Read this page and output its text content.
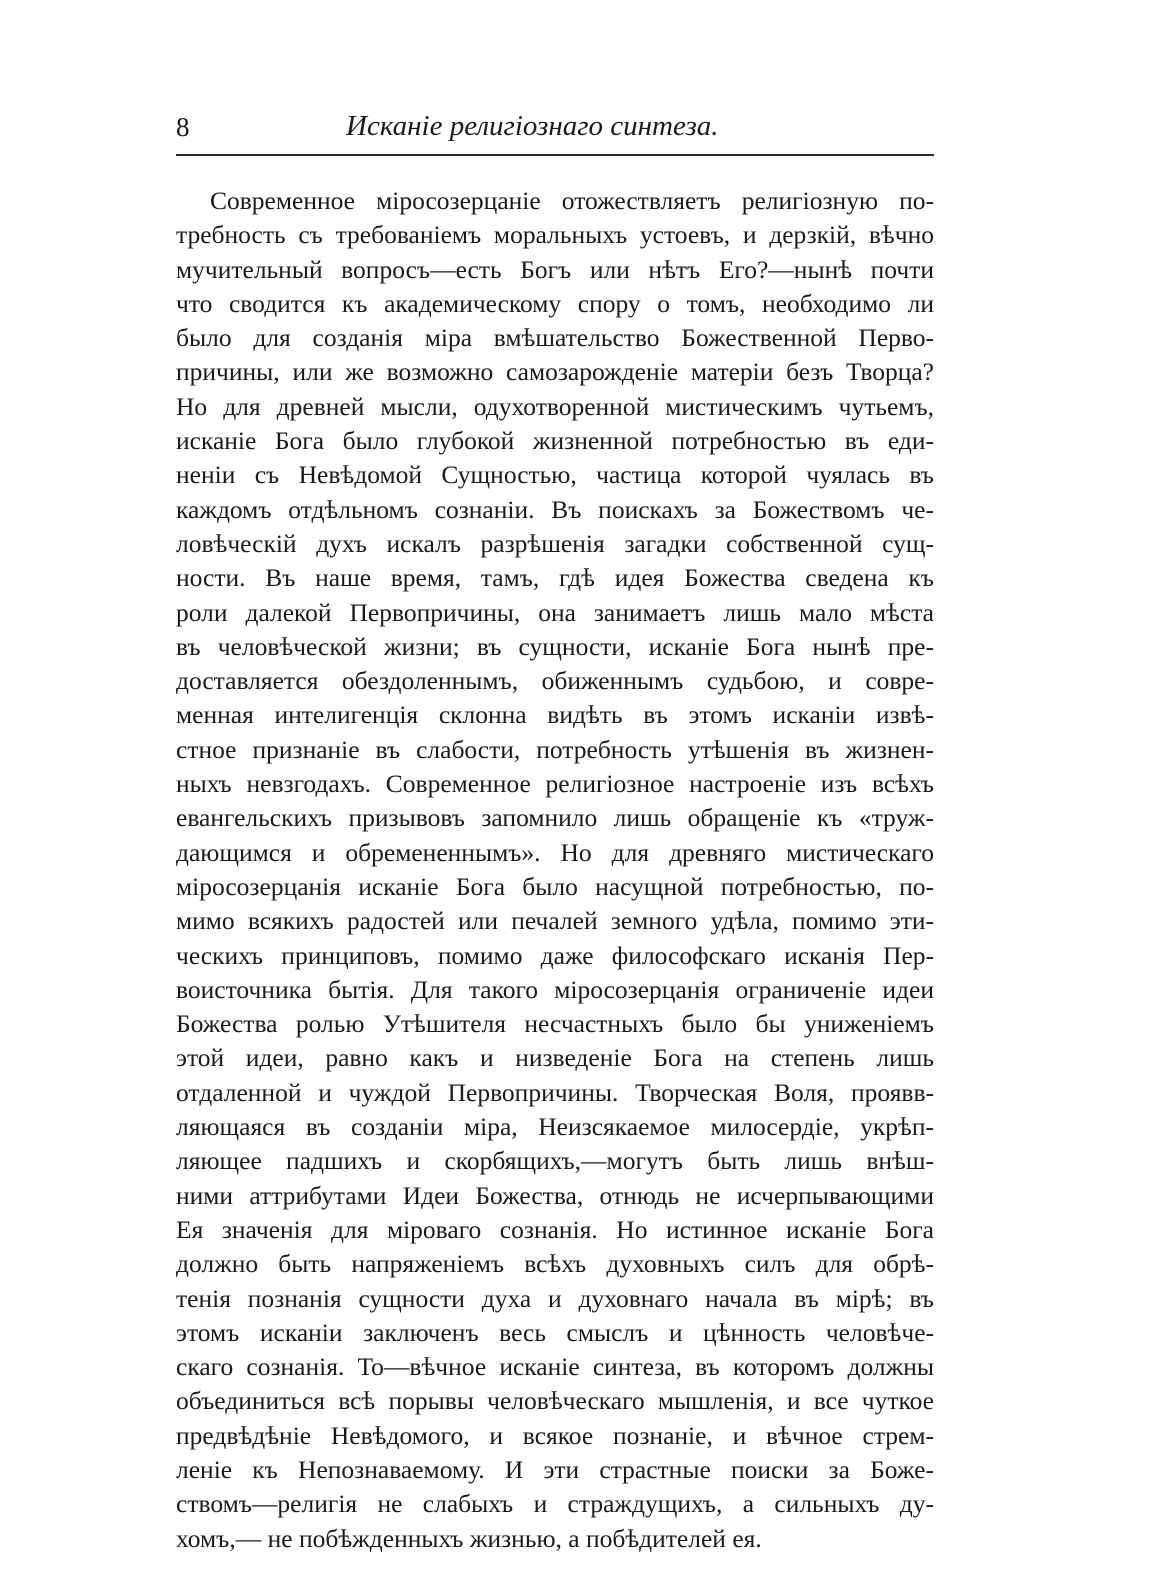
8	Исканіе религіознаго синтеза.
Современное міросозерцаніе отожествляетъ религіозную по-
требность съ требованіемъ моральныхъ устоевъ, и дерзкій, вѣчно
мучительный вопросъ—есть Богъ или нѣтъ Его?—нынѣ почти
что сводится къ академическому спору о томъ, необходимо ли
было для созданія міра вмѣшательство Божественной Перво-
причины, или же возможно самозарожденіе матеріи безъ Творца?
Но для древней мысли, одухотворенной мистическимъ чутьемъ,
исканіе Бога было глубокой жизненной потребностью въ еди-
неніи съ Невѣдомой Сущностью, частица которой чуялась въ
каждомъ отдѣльномъ сознаніи. Въ поискахъ за Божествомъ че-
ловѣческій духъ искалъ разрѣшенія загадки собственной сущ-
ности. Въ наше время, тамъ, гдѣ идея Божества сведена къ
роли далекой Первопричины, она занимаетъ лишь мало мѣста
въ человѣческой жизни; въ сущности, исканіе Бога нынѣ пре-
доставляется обездоленнымъ, обиженнымъ судьбою, и совре-
менная интелигенція склонна видѣть въ этомъ исканіи извѣ-
стное признаніе въ слабости, потребность утѣшенія въ жизнен-
ныхъ невзгодахъ. Современное религіозное настроеніе изъ всѣхъ
евангельскихъ призывовъ запомнило лишь обращеніе къ «труж-
дающимся и обремененнымъ». Но для древняго мистическаго
міросозерцанія исканіе Бога было насущной потребностью, по-
мимо всякихъ радостей или печалей земного удѣла, помимо эти-
ческихъ принциповъ, помимо даже философскаго исканія Пер-
воисточника бытія. Для такого міросозерцанія ограниченіе идеи
Божества ролью Утѣшителя несчастныхъ было бы униженіемъ
этой идеи, равно какъ и низведеніе Бога на степень лишь
отдаленной и чуждой Первопричины. Творческая Воля, проявв-
ляющаяся въ созданіи міра, Неизсякаемое милосердіе, укрѣп-
ляющее падшихъ и скорбящихъ,—могутъ быть лишь внѣш-
ними аттрибутами Идеи Божества, отнюдь не исчерпывающими
Ея значенія для міроваго сознанія. Но истинное исканіе Бога
должно быть напряженіемъ всѣхъ духовныхъ силъ для обрѣ-
тенія познанія сущности духа и духовнаго начала въ мірѣ; въ
этомъ исканіи заключенъ весь смыслъ и цѣнность человѣче-
скаго сознанія. То—вѣчное исканіе синтеза, въ которомъ должны
объединиться всѣ порывы человѣческаго мышленія, и все чуткое
предвѣдѣніе Невѣдомого, и всякое познаніе, и вѣчное стрем-
леніе къ Непознаваемому. И эти страстные поиски за Боже-
ствомъ—религія не слабыхъ и страждущихъ, а сильныхъ ду-
хомъ,— не побѣжденныхъ жизнью, а побѣдителей ея.
